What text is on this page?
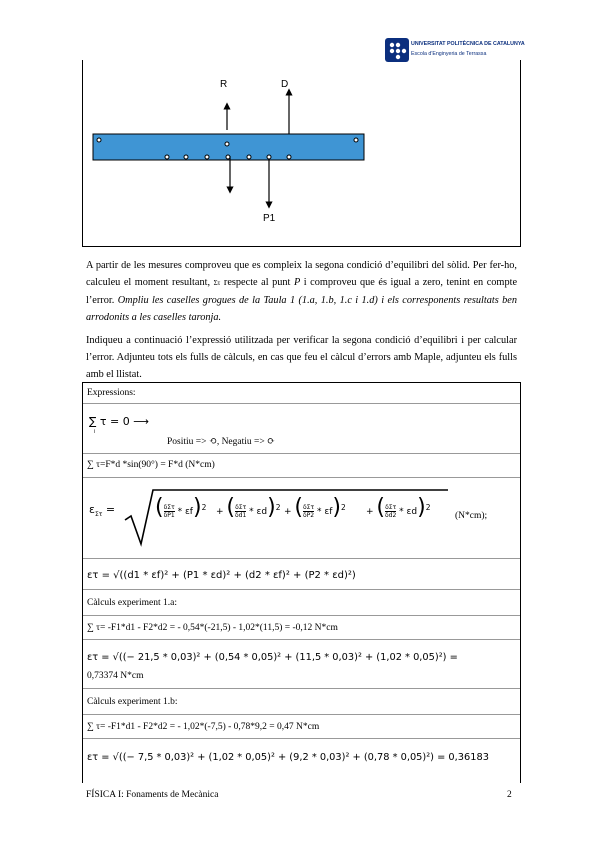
UNIVERSITAT POLITÈCNICA DE CATALUNYA
Escola d'Enginyeria de Terrassa
R	D
P1
A partir de les mesures comproveu que es compleix la segona condició d’equilibri del sòlid. Per fer-ho, calculeu el moment resultant, Στ respecte al punt P i comproveu que és igual a zero, tenint en compte l’error. Ompliu les caselles grogues de la Taula 1 (1.a, 1.b, 1.c i 1.d) i els corresponents resultats ben arrodonits a les caselles taronja.
Indiqueu a continuació l’expressió utilitzada per verificar la segona condició d’equilibri i per calcular l’error. Adjunteu tots els fulls de càlculs, en cas que feu el càlcul d’errors amb Maple, adjunteu els fulls amb el llistat.
Expressions:
∑ τ = 0 ⟶
i
Positiu => ⟲, Negatiu => ⟳
∑ τ=F*d *sin(90°) = F*d (N*cm)
$\varepsilon_{\Sigma\tau}$ = ( δΣτ
δP1 * εf)$^2$ + ( δΣτ
δd1 * εd)$^2$ + ( δΣτ
δP2 * εf)$^2$ + ( δΣτ
δd2 * εd)$^2$
(N*cm);
ετ = √((d1 * εf)² + (P1 * εd)² + (d2 * εf)² + (P2 * εd)²)
Càlculs experiment 1.a:
∑ τ= -F1*d1 - F2*d2 = - 0,54*(-21,5) - 1,02*(11,5) = -0,12 N*cm
ετ = √((− 21,5 * 0,03)² + (0,54 * 0,05)² + (11,5 * 0,03)² + (1,02 * 0,05)²) =
0,73374 N*cm
Càlculs experiment 1.b:
∑ τ= -F1*d1 - F2*d2 = - 1,02*(-7,5) - 0,78*9,2 = 0,47 N*cm
ετ = √((− 7,5 * 0,03)² + (1,02 * 0,05)² + (9,2 * 0,03)² + (0,78 * 0,05)²) = 0,36183
FÍSICA I: Fonaments de Mecànica	2
